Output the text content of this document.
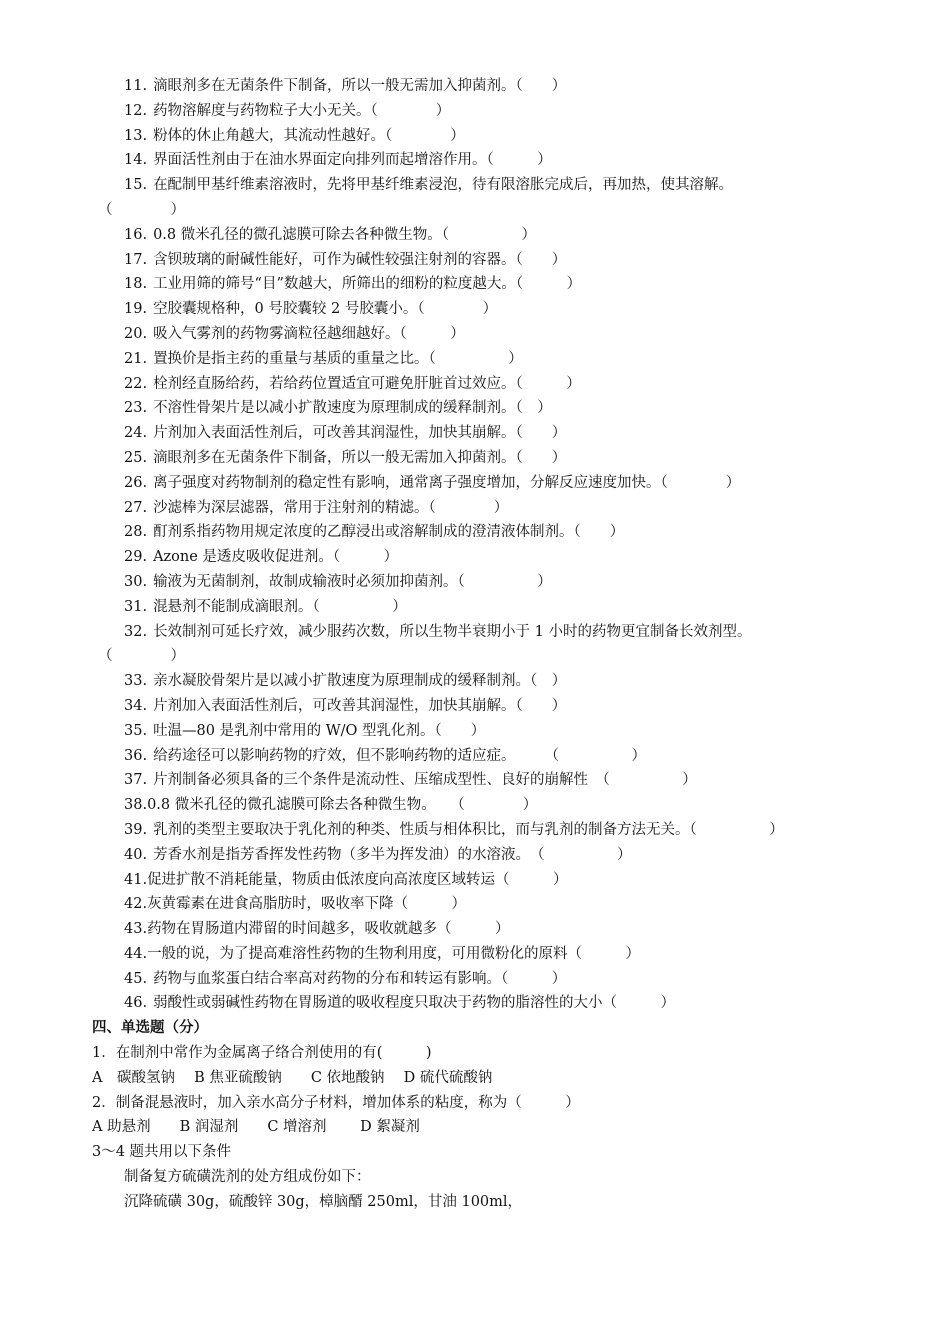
11. 滴眼剂多在无菌条件下制备，所以一般无需加入抑菌剂。（　　）
12. 药物溶解度与药物粒子大小无关。（　　　　）
13. 粉体的休止角越大，其流动性越好。（　　　　）
14. 界面活性剂由于在油水界面定向排列而起增溶作用。（　　　）
15. 在配制甲基纤维素溶液时，先将甲基纤维素浸泡，待有限溶胀完成后，再加热，使其溶解。
（　　　　）
16. 0.8 微米孔径的微孔滤膜可除去各种微生物。（　　　　　）
17. 含钡玻璃的耐碱性能好，可作为碱性较强注射剂的容器。（　　）
18. 工业用筛的筛号“目”数越大，所筛出的细粉的粒度越大。（　　　）
19. 空胶囊规格种，0 号胶囊较 2 号胶囊小。（　　　　）
20. 吸入气雾剂的药物雾滴粒径越细越好。（　　　）
21. 置换价是指主药的重量与基质的重量之比。（　　　　　）
22. 栓剂经直肠给药，若给药位置适宜可避免肝脏首过效应。（　　　）
23. 不溶性骨架片是以减小扩散速度为原理制成的缓释制剂。（　）
24. 片剂加入表面活性剂后，可改善其润湿性，加快其崩解。（　　）
25. 滴眼剂多在无菌条件下制备，所以一般无需加入抑菌剂。（　　）
26. 离子强度对药物制剂的稳定性有影响，通常离子强度增加，分解反应速度加快。（　　　　）
27. 沙滤棒为深层滤器，常用于注射剂的精滤。（　　　　）
28. 酊剂系指药物用规定浓度的乙醇浸出或溶解制成的澄清液体制剂。（　　）
29. Azone 是透皮吸收促进剂。（　　　）
30. 输液为无菌制剂，故制成输液时必须加抑菌剂。（　　　　　）
31. 混悬剂不能制成滴眼剂。（　　　　　）
32. 长效制剂可延长疗效，减少服药次数，所以生物半衰期小于 1 小时的药物更宜制备长效剂型。
（　　　　）
33. 亲水凝胶骨架片是以减小扩散速度为原理制成的缓释制剂。（　）
34. 片剂加入表面活性剂后，可改善其润湿性，加快其崩解。（　　）
35. 吐温—80 是乳剂中常用的 W/O 型乳化剂。（　　）
36. 给药途径可以影响药物的疗效，但不影响药物的适应症。　　　（　　　　　）
37. 片剂制备必须具备的三个条件是流动性、压缩成型性、良好的崩解性　（　　　　　）
38.0.8 微米孔径的微孔滤膜可除去各种微生物。　　（　　　　）
39. 乳剂的类型主要取决于乳化剂的种类、性质与相体积比，而与乳剂的制备方法无关。（　　　　　）
40. 芳香水剂是指芳香挥发性药物（多半为挥发油）的水溶液。　（　　　　　）
41.促进扩散不消耗能量，物质由低浓度向高浓度区域转运（　　　）
42.灰黄霉素在进食高脂肪时，吸收率下降（　　　）
43.药物在胃肠道内滞留的时间越多，吸收就越多（　　　）
44.一般的说，为了提高难溶性药物的生物利用度，可用微粉化的原料（　　　）
45. 药物与血浆蛋白结合率高对药物的分布和转运有影响。（　　　）
46. 弱酸性或弱碱性药物在胃肠道的吸收程度只取决于药物的脂溶性的大小（　　　）
四、单选题（分）
1．在制剂中常作为金属离子络合剂使用的有(　　　)
A　碳酸氢钠　 B 焦亚硫酸钠　　C 依地酸钠　 D 硫代硫酸钠
2．制备混悬液时，加入亲水高分子材料，增加体系的粘度，称为（　　　）
A 助悬剂　　B 润湿剂　　C 增溶剂　　 D 絮凝剂
3～4 题共用以下条件
制备复方硫磺洗剂的处方组成份如下：
沉降硫磺 30g，硫酸锌 30g，樟脑醑 250ml，甘油 100ml，
